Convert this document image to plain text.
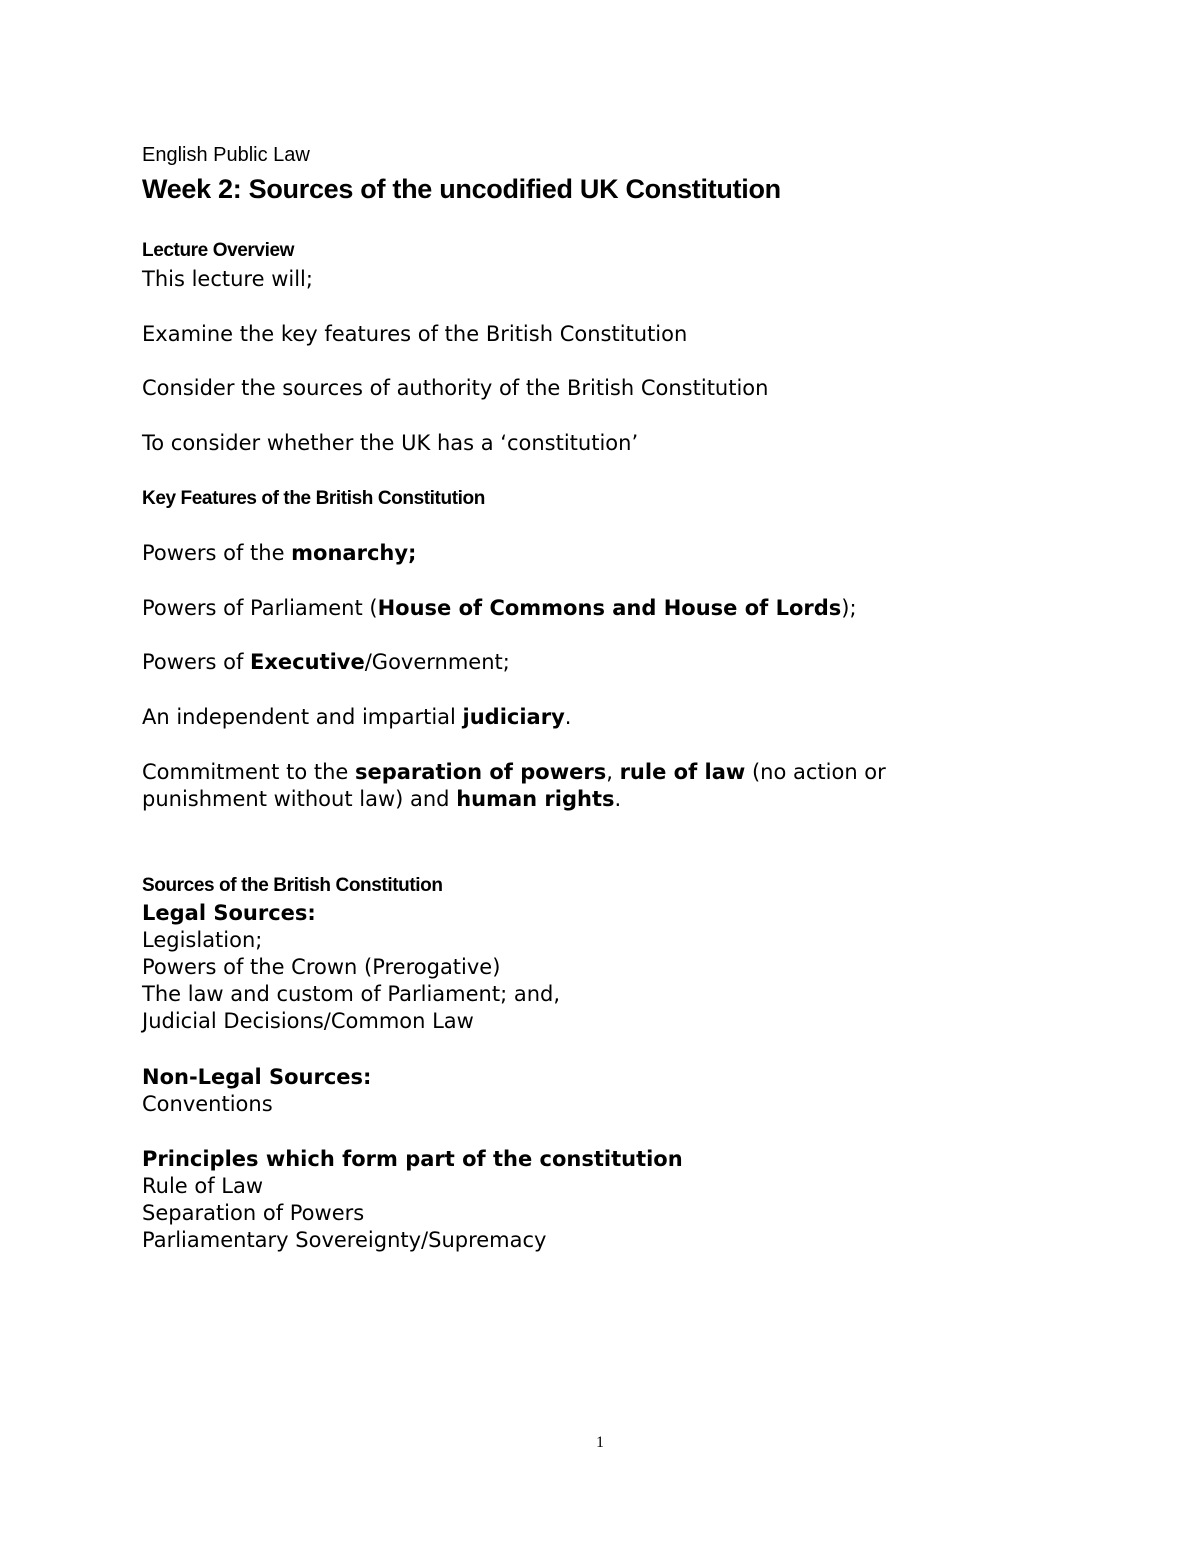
English Public Law

Week 2: Sources of the uncodified UK Constitution

Lecture Overview

This lecture will;

Examine the key features of the British Constitution

Consider the sources of authority of the British Constitution

To consider whether the UK has a ‘constitution’

Key Features of the British Constitution

Powers of the monarchy;

Powers of Parliament (House of Commons and House of Lords);

Powers of Executive/Government;

An independent and impartial judiciary.

Commitment to the separation of powers, rule of law (no action or
punishment without law) and human rights.

Sources of the British Constitution

Legal Sources:
Legislation;
Powers of the Crown (Prerogative)
The law and custom of Parliament; and,
Judicial Decisions/Common Law
Non-Legal Sources:
Conventions
Principles which form part of the constitution
Rule of Law
Separation of Powers
Parliamentary Sovereignty/Supremacy
1
